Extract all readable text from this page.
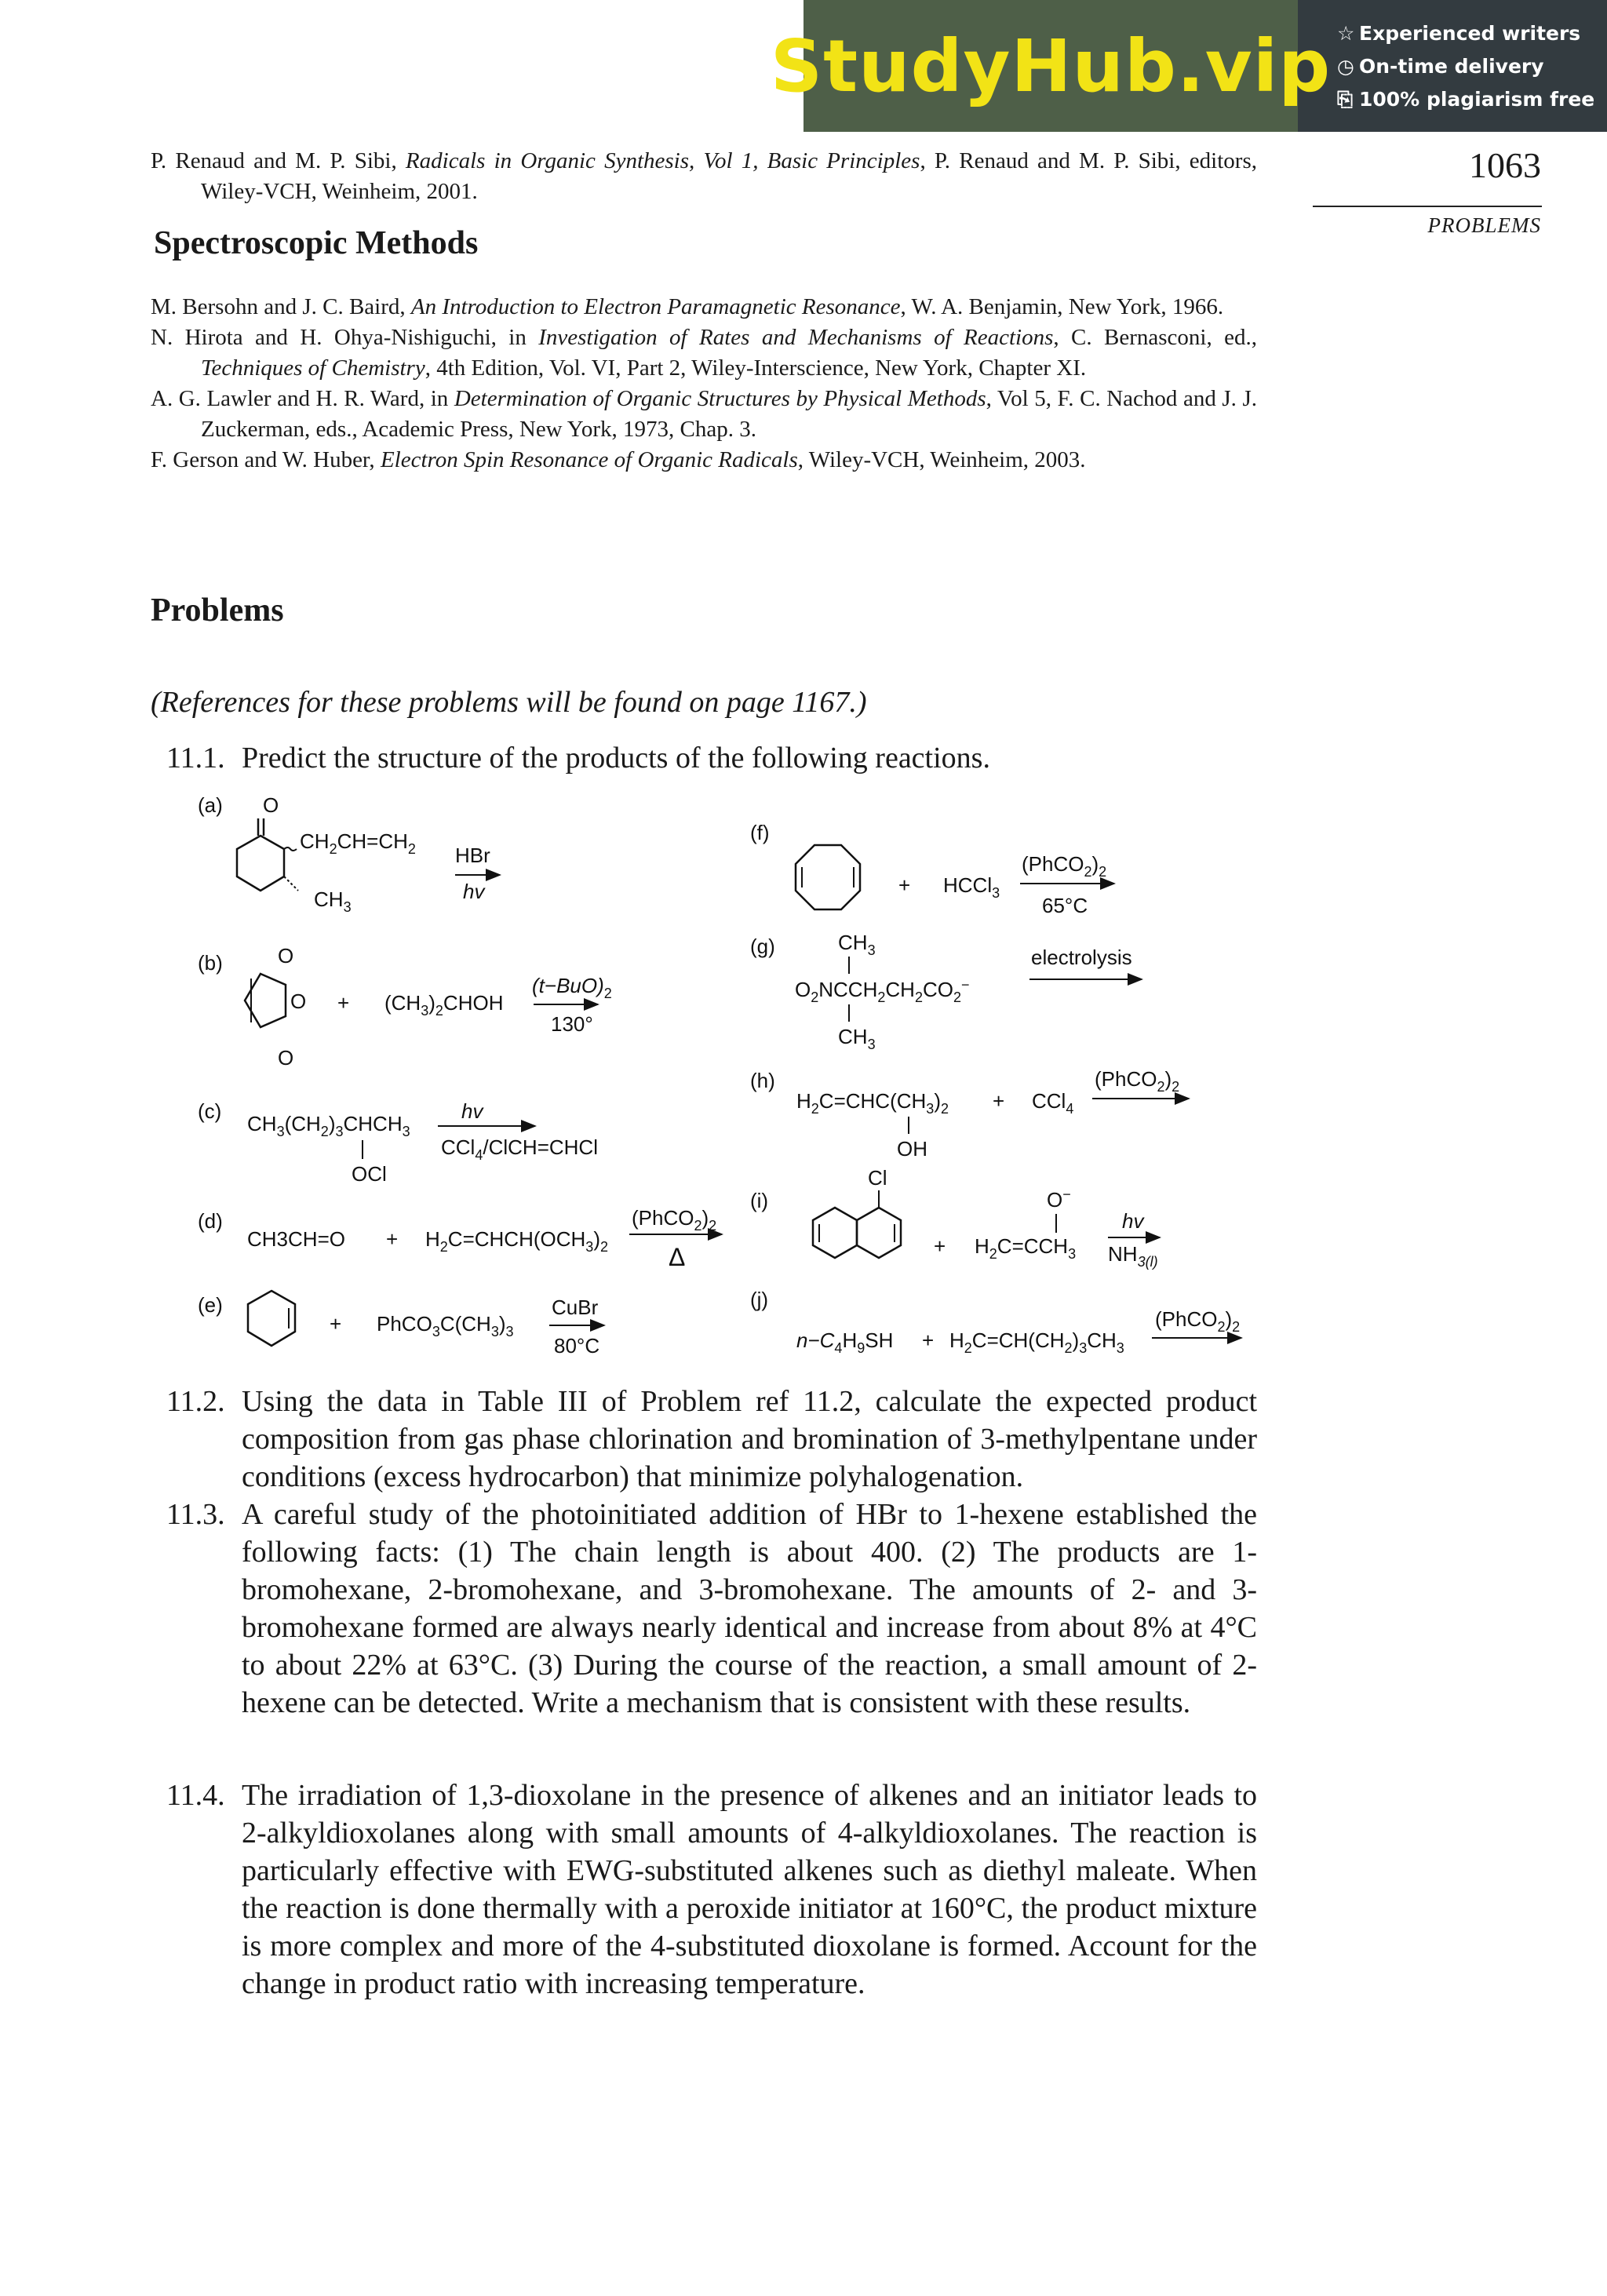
StudyHub.vip ☆ Experienced writers
◷ On-time delivery
⎘ 100% plagiarism free
1063
PROBLEMS
P. Renaud and M. P. Sibi, Radicals in Organic Synthesis, Vol 1, Basic Principles, P. Renaud and M. P. Sibi, editors, Wiley-VCH, Weinheim, 2001.
Spectroscopic Methods
M. Bersohn and J. C. Baird, An Introduction to Electron Paramagnetic Resonance, W. A. Benjamin, New York, 1966.
N. Hirota and H. Ohya-Nishiguchi, in Investigation of Rates and Mechanisms of Reactions, C. Bernasconi, ed., Techniques of Chemistry, 4th Edition, Vol. VI, Part 2, Wiley-Interscience, New York, Chapter XI.
A. G. Lawler and H. R. Ward, in Determination of Organic Structures by Physical Methods, Vol 5, F. C. Nachod and J. J. Zuckerman, eds., Academic Press, New York, 1973, Chap. 3.
F. Gerson and W. Huber, Electron Spin Resonance of Organic Radicals, Wiley-VCH, Weinheim, 2003.
Problems
(References for these problems will be found on page 1167.)
11.1. Predict the structure of the products of the following reactions.
(a) O
$CH_2CH=CH_2$ HBr
hv
$CH_3$
(b)	O
O
O
+ $(CH_3)_2CHOH$
$(t-BuO)_2$
130°
(c)
$CH_3(CH_2)_3CHCH_3$
OCl
hv
CCl$_4$/ClCH=CHCl
(d)
$CH3CH=O + H_2C=CHCH(OCH_3)_2$
$(PhCO_2)_2$
Δ
(e)
+ $PhCO_3C(CH_3)_3$
CuBr
80°C
(f)
+ HCCl$_3$
$(PhCO_2)_2$
65°C
(g)	$CH_3$
$O_2NCCH_2CH_2CO_2^-$
$CH_3$
electrolysis
(h)
$H_2C=CHC(CH_3)_2$
OH
+ CCl$_4$
$(PhCO_2)_2$
(i)
Cl
+ $H_2C=CCH_3$
O−
hv
$NH_{3(l)}$
(j)
$n-C_4H_9SH + H_2C=CH(CH_2)_3CH_3$
$(PhCO_2)_2$
11.2. Using the data in Table III of Problem ref 11.2, calculate the expected product composition from gas phase chlorination and bromination of 3-methylpentane under conditions (excess hydrocarbon) that minimize polyhalogenation.
11.3. A careful study of the photoinitiated addition of HBr to 1-hexene established the following facts: (1) The chain length is about 400. (2) The products are 1-bromohexane, 2-bromohexane, and 3-bromohexane. The amounts of 2- and 3-bromohexane formed are always nearly identical and increase from about 8% at 4°C to about 22% at 63°C. (3) During the course of the reaction, a small amount of 2-hexene can be detected. Write a mechanism that is consistent with these results.
11.4. The irradiation of 1,3-dioxolane in the presence of alkenes and an initiator leads to 2-alkyldioxolanes along with small amounts of 4-alkyldioxolanes. The reaction is particularly effective with EWG-substituted alkenes such as diethyl maleate. When the reaction is done thermally with a peroxide initiator at 160°C, the product mixture is more complex and more of the 4-substituted dioxolane is formed. Account for the change in product ratio with increasing temperature.
